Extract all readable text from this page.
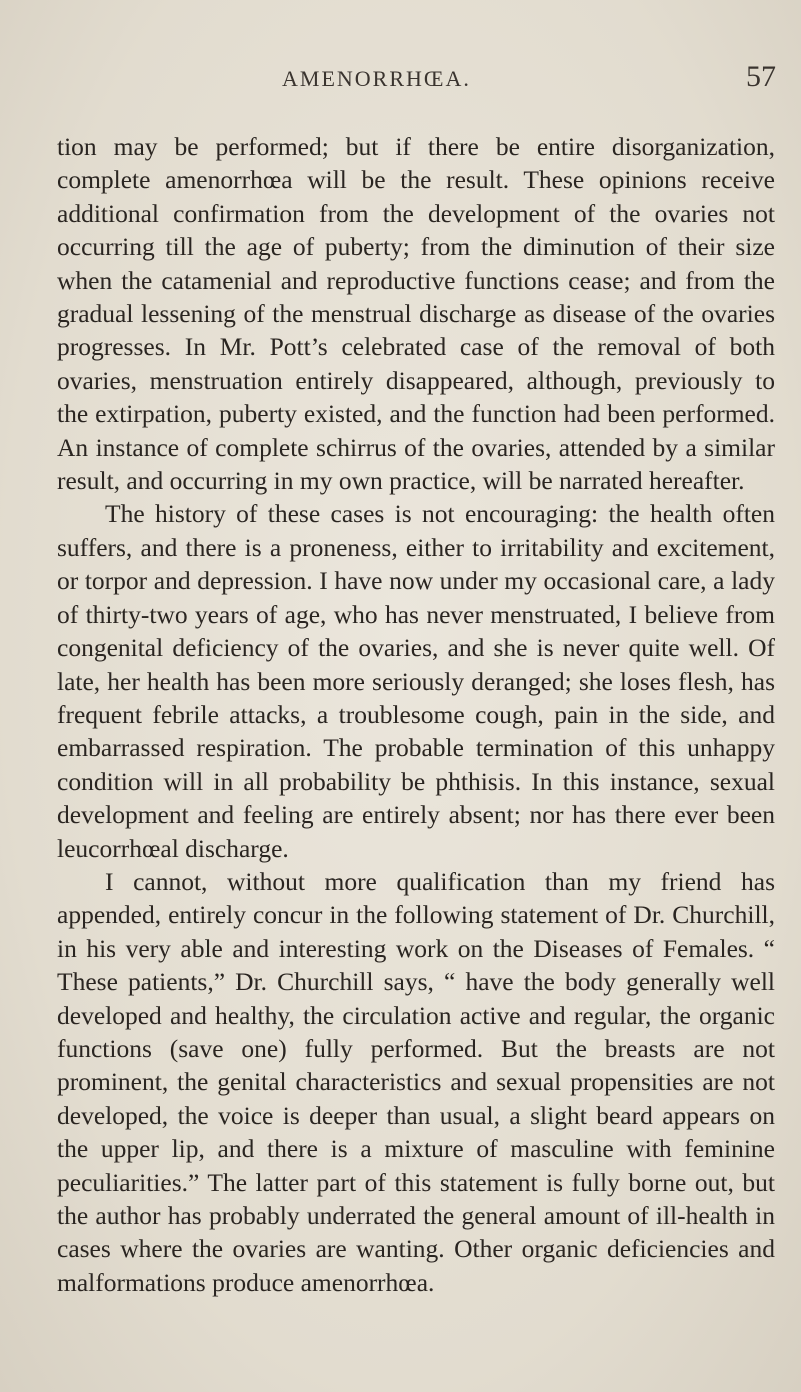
AMENORRHŒA.	57

tion may be performed; but if there be entire disorganization, complete amenorrhœa will be the result. These opinions receive additional confirmation from the development of the ovaries not occurring till the age of puberty; from the diminution of their size when the catamenial and reproductive functions cease; and from the gradual lessening of the menstrual discharge as disease of the ovaries progresses. In Mr. Pott’s celebrated case of the removal of both ovaries, menstruation entirely disappeared, although, previously to the extirpation, puberty existed, and the function had been performed. An instance of complete schirrus of the ovaries, attended by a similar result, and occurring in my own practice, will be narrated hereafter.

The history of these cases is not encouraging: the health often suffers, and there is a proneness, either to irritability and excitement, or torpor and depression. I have now under my occasional care, a lady of thirty-two years of age, who has never menstruated, I believe from congenital deficiency of the ovaries, and she is never quite well. Of late, her health has been more seriously deranged; she loses flesh, has frequent febrile attacks, a troublesome cough, pain in the side, and embarrassed respiration. The probable termination of this unhappy condition will in all probability be phthisis. In this instance, sexual development and feeling are entirely absent; nor has there ever been leucorrhœal discharge.

I cannot, without more qualification than my friend has appended, entirely concur in the following statement of Dr. Churchill, in his very able and interesting work on the Diseases of Females. “ These patients,” Dr. Churchill says, “ have the body generally well developed and healthy, the circulation active and regular, the organic functions (save one) fully performed. But the breasts are not prominent, the genital characteristics and sexual propensities are not developed, the voice is deeper than usual, a slight beard appears on the upper lip, and there is a mixture of masculine with feminine peculiarities.” The latter part of this statement is fully borne out, but the author has probably underrated the general amount of ill-health in cases where the ovaries are wanting. Other organic deficiencies and malformations produce amenorrhœa.
